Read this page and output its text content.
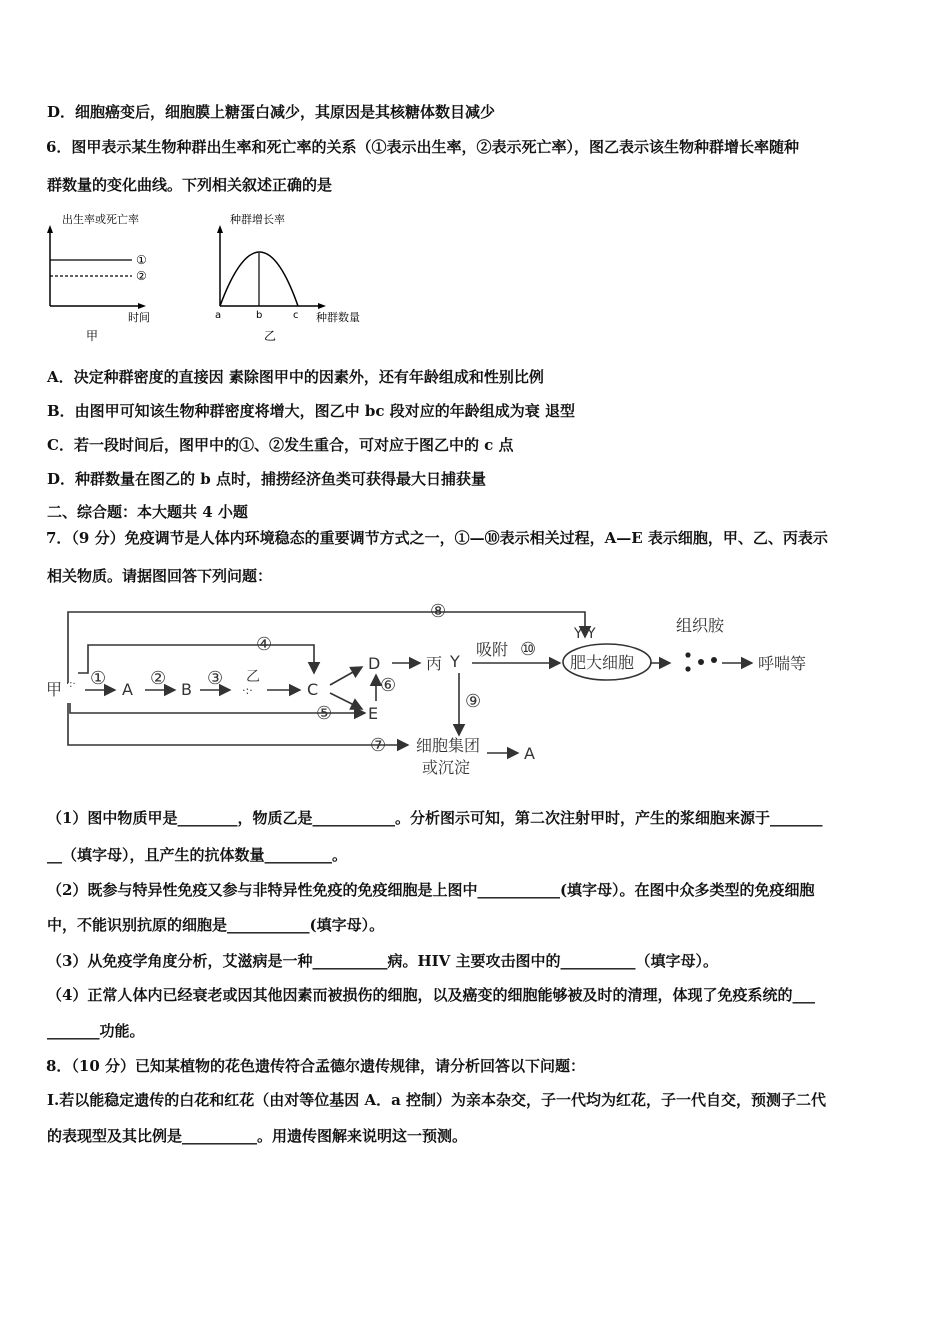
D．细胞癌变后，细胞膜上糖蛋白减少，其原因是其核糖体数目减少
6．图甲表示某生物种群出生率和死亡率的关系（①表示出生率，②表示死亡率），图乙表示该生物种群增长率随种
群数量的变化曲线。下列相关叙述正确的是
出生率或死亡率
①
②
时间
甲
种群增长率
a	b	c 种群数量
乙
A．决定种群密度的直接因 素除图甲中的因素外，还有年龄组成和性别比例
B．由图甲可知该生物种群密度将增大，图乙中 bc 段对应的年龄组成为衰 退型
C．若一段时间后，图甲中的①、②发生重合，可对应于图乙中的 c 点
D．种群数量在图乙的 b 点时，捕捞经济鱼类可获得最大日捕获量
二、综合题：本大题共 4 小题
7．（9 分）免疫调节是人体内环境稳态的重要调节方式之一，①—⑩表示相关过程，A—E 表示细胞，甲、乙、丙表示
相关物质。请据图回答下列问题：
⑧
④
① ② ③
⑤
⑥
⑦
⑨
⑩
甲 ·:·	A	B
乙
·:·	C
D
E
丙 Y
吸附
肥大细胞
Y Y	组织胺
呼喘等
细胞集团
或沉淀
A
（1）图中物质甲是________，物质乙是___________。分析图示可知，第二次注射甲时，产生的浆细胞来源于_______
__（填字母），且产生的抗体数量_________。
（2）既参与特异性免疫又参与非特异性免疫的免疫细胞是上图中___________(填字母）。在图中众多类型的免疫细胞
中，不能识别抗原的细胞是___________(填字母）。
（3）从免疫学角度分析，艾滋病是一种__________病。HIV 主要攻击图中的__________（填字母）。
（4）正常人体内已经衰老或因其他因素而被损伤的细胞，以及癌变的细胞能够被及时的清理，体现了免疫系统的___
_______功能。
8．（10 分）已知某植物的花色遗传符合孟德尔遗传规律，请分析回答以下问题：
I.若以能稳定遗传的白花和红花（由对等位基因 A．a 控制）为亲本杂交，子一代均为红花，子一代自交，预测子二代
的表现型及其比例是__________。用遗传图解来说明这一预测。
